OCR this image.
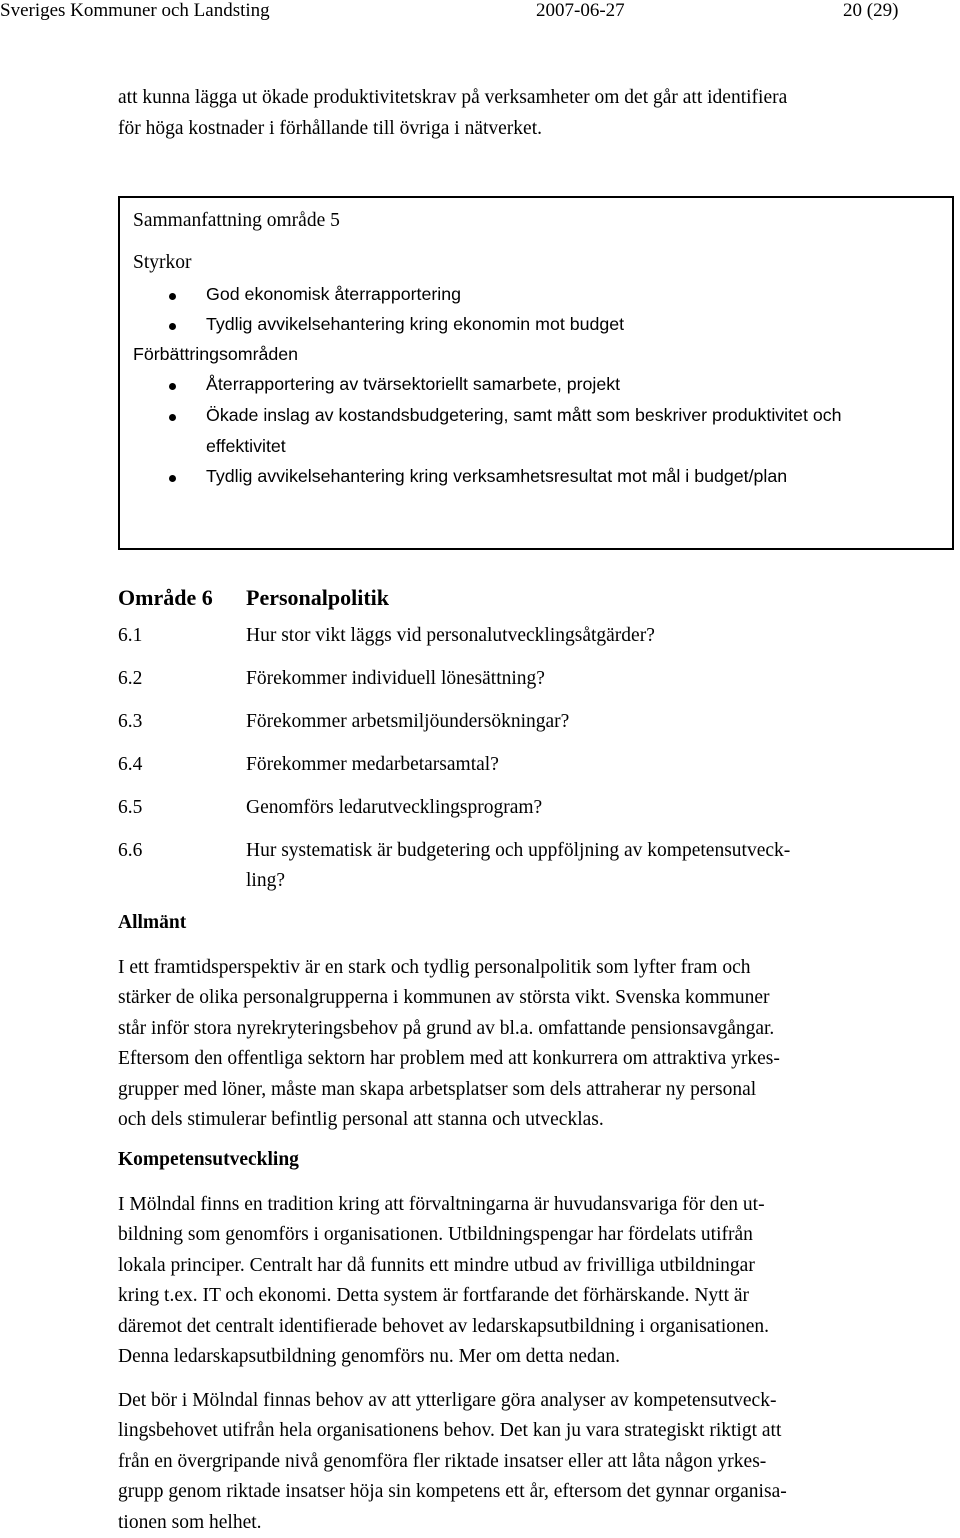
Sveriges Kommuner och Landsting	2007-06-27	20 (29)
att kunna lägga ut ökade produktivitetskrav på verksamheter om det går att identifiera
för höga kostnader i förhållande till övriga i nätverket.
Sammanfattning område 5
Styrkor
God ekonomisk återrapportering
Tydlig avvikelsehantering kring ekonomin mot budget
Förbättringsområden
Återrapportering av tvärsektoriellt samarbete, projekt
Ökade inslag av kostandsbudgetering, samt mått som beskriver produktivitet och
effektivitet
Tydlig avvikelsehantering kring verksamhetsresultat mot mål i budget/plan
Område 6 Personalpolitik
6.1	Hur stor vikt läggs vid personalutvecklingsåtgärder?
6.2	Förekommer individuell lönesättning?
6.3	Förekommer arbetsmiljöundersökningar?
6.4	Förekommer medarbetarsamtal?
6.5	Genomförs ledarutvecklingsprogram?
6.6	Hur systematisk är budgetering och uppföljning av kompetensutveck-
ling?
Allmänt
I ett framtidsperspektiv är en stark och tydlig personalpolitik som lyfter fram och
stärker de olika personalgrupperna i kommunen av största vikt. Svenska kommuner
står inför stora nyrekryteringsbehov på grund av bl.a. omfattande pensionsavgångar.
Eftersom den offentliga sektorn har problem med att konkurrera om attraktiva yrkes-
grupper med löner, måste man skapa arbetsplatser som dels attraherar ny personal
och dels stimulerar befintlig personal att stanna och utvecklas.
Kompetensutveckling
I Mölndal finns en tradition kring att förvaltningarna är huvudansvariga för den ut-
bildning som genomförs i organisationen. Utbildningspengar har fördelats utifrån
lokala principer. Centralt har då funnits ett mindre utbud av frivilliga utbildningar
kring t.ex. IT och ekonomi. Detta system är fortfarande det förhärskande. Nytt är
däremot det centralt identifierade behovet av ledarskapsutbildning i organisationen.
Denna ledarskapsutbildning genomförs nu. Mer om detta nedan.
Det bör i Mölndal finnas behov av att ytterligare göra analyser av kompetensutveck-
lingsbehovet utifrån hela organisationens behov. Det kan ju vara strategiskt riktigt att
från en övergripande nivå genomföra fler riktade insatser eller att låta någon yrkes-
grupp genom riktade insatser höja sin kompetens ett år, eftersom det gynnar organisa-
tionen som helhet.
